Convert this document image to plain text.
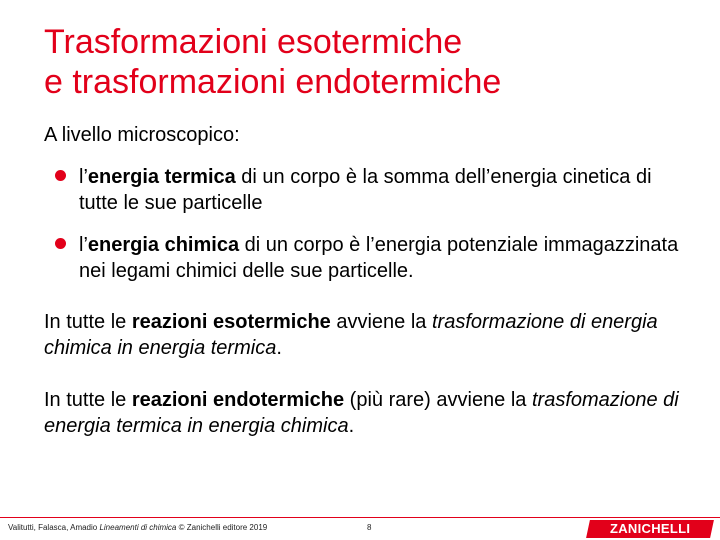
Trasformazioni esotermiche
e trasformazioni endotermiche

A livello microscopico:

l’energia termica di un corpo è la somma dell’energia cinetica di tutte le sue particelle
l’energia chimica di un corpo è l’energia potenziale immagazzinata nei legami chimici delle sue particelle.

In tutte le reazioni esotermiche avviene la trasformazione di energia chimica in energia termica.

In tutte le reazioni endotermiche (più rare) avviene la trasfomazione di energia termica in energia chimica.

Valitutti, Falasca, Amadio Lineamenti di chimica © Zanichelli editore 2019	8	ZANICHELLI
